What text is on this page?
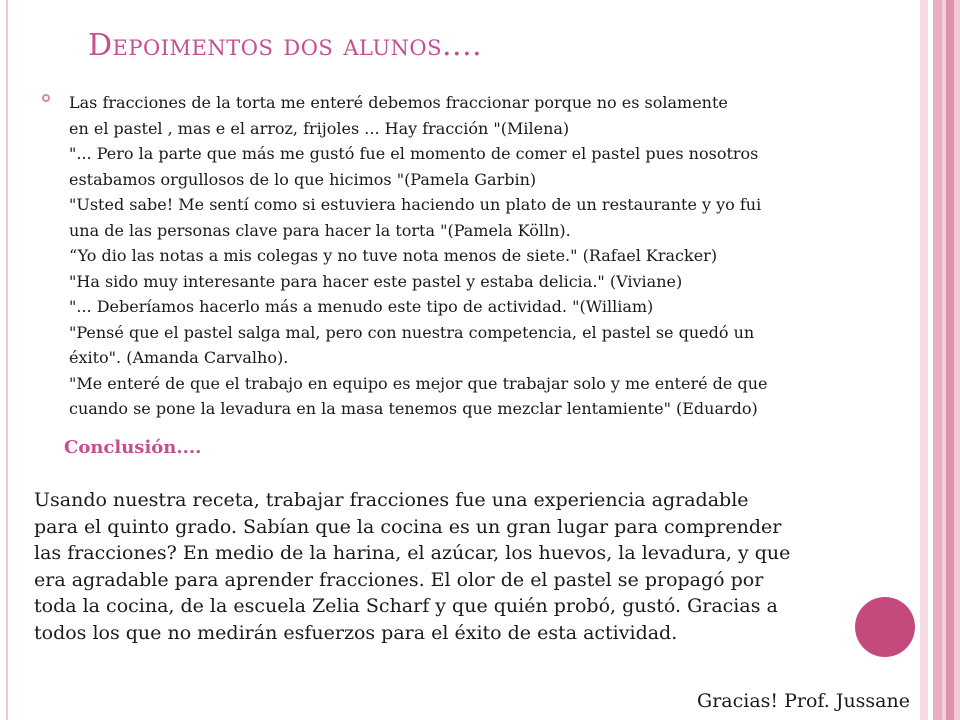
Depoimentos dos alunos....
Las fracciones de la torta me enteré debemos fraccionar porque no es solamente
en el pastel , mas e el arroz, frijoles ... Hay fracción "(Milena)
"... Pero la parte que más me gustó fue el momento de comer el pastel pues nosotros
estabamos orgullosos de lo que hicimos "(Pamela Garbin)
"Usted sabe! Me sentí como si estuviera haciendo un plato de un restaurante y yo fui
una de las personas clave para hacer la torta "(Pamela Kölln).
“Yo dio las notas a mis colegas y no tuve nota menos de siete." (Rafael Kracker)
"Ha sido muy interesante para hacer este pastel y estaba delicia." (Viviane)
"... Deberíamos hacerlo más a menudo este tipo de actividad. "(William)
"Pensé que el pastel salga mal, pero con nuestra competencia, el pastel se quedó un
éxito". (Amanda Carvalho).
"Me enteré de que el trabajo en equipo es mejor que trabajar solo y me enteré de que
cuando se pone la levadura en la masa tenemos que mezclar lentamiente" (Eduardo)
Conclusión....
Usando nuestra receta, trabajar fracciones fue una experiencia agradable
para el quinto grado. Sabían que la cocina es un gran lugar para comprender
las fracciones? En medio de la harina, el azúcar, los huevos, la levadura, y que
era agradable para aprender fracciones. El olor de el pastel se propagó por
toda la cocina, de la escuela Zelia Scharf y que quién probó, gustó. Gracias a
todos los que no medirán esfuerzos para el éxito de esta actividad.
Gracias! Prof. Jussane
